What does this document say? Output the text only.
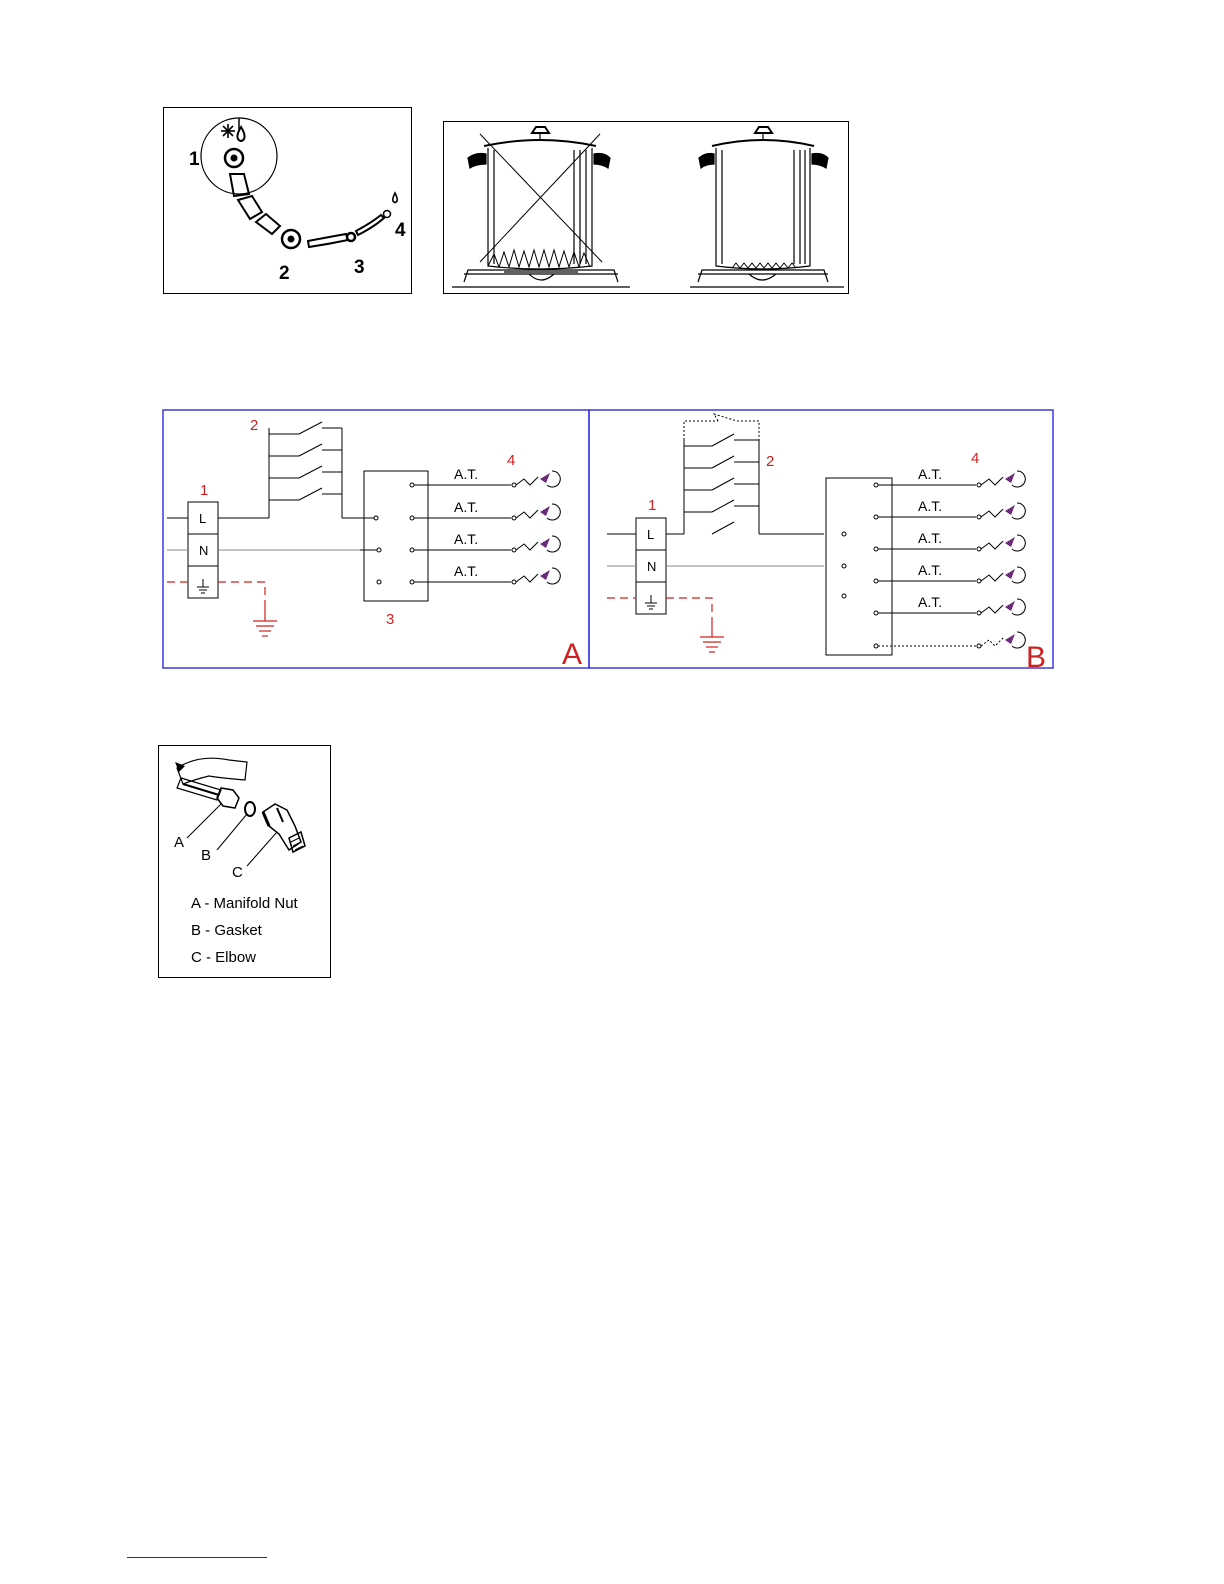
1
2	3
4
L
N
A.T.
A.T.
A.T.
A.T.
1
2
3
4
A
L
N
A.T.
A.T.
A.T.
A.T.
A.T.
1
2	4
B
A
B
C
A - Manifold Nut
B - Gasket
C - Elbow
